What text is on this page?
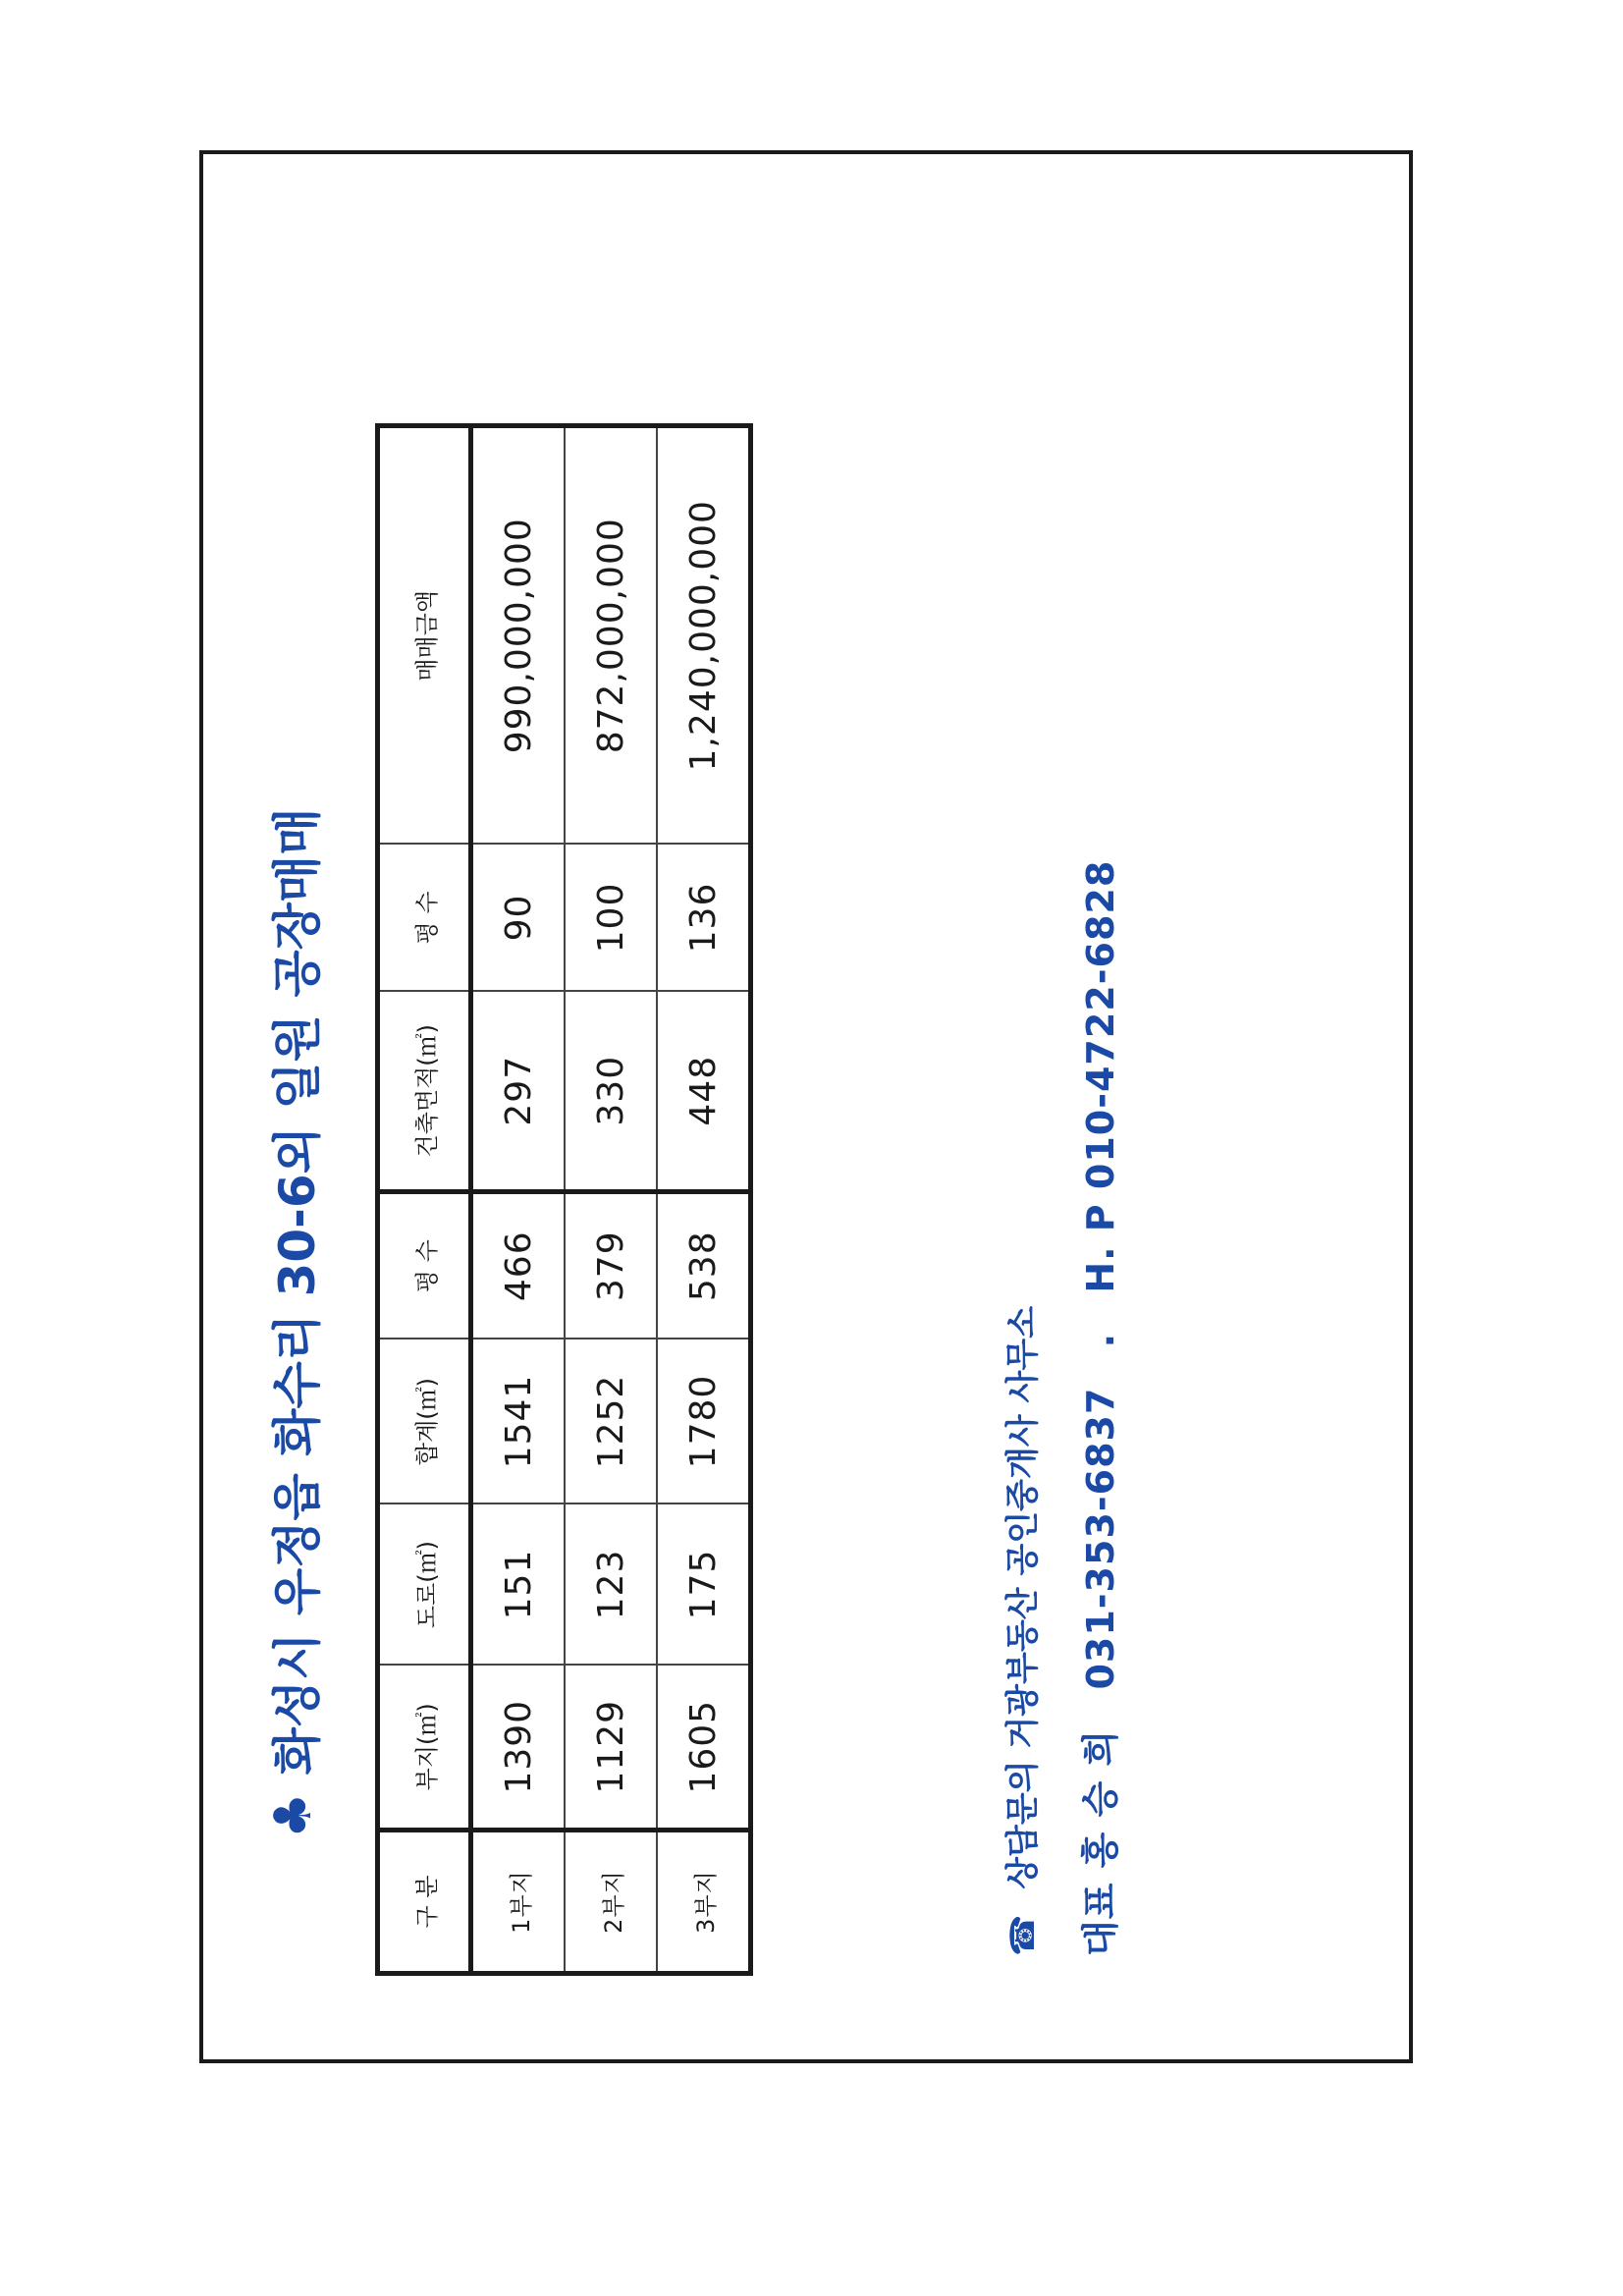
♣
화성시 우정읍 화수리 30-6외 일원 공장매매
구 분	부지(㎡)	도로(㎡)	합계(㎡)	평 수	건축면적(㎡)	평 수	매매금액
1부지	1390	151	1541	466	297	90	990,000,000
2부지	1129	123	1252	379	330	100	872,000,000
3부지	1605	175	1780	538	448	136	1,240,000,000
☎ 상담문의 거광부동산 공인중개사 사무소 대표 홍 승 희 031-353-6837 . H. P 010-4722-6828
